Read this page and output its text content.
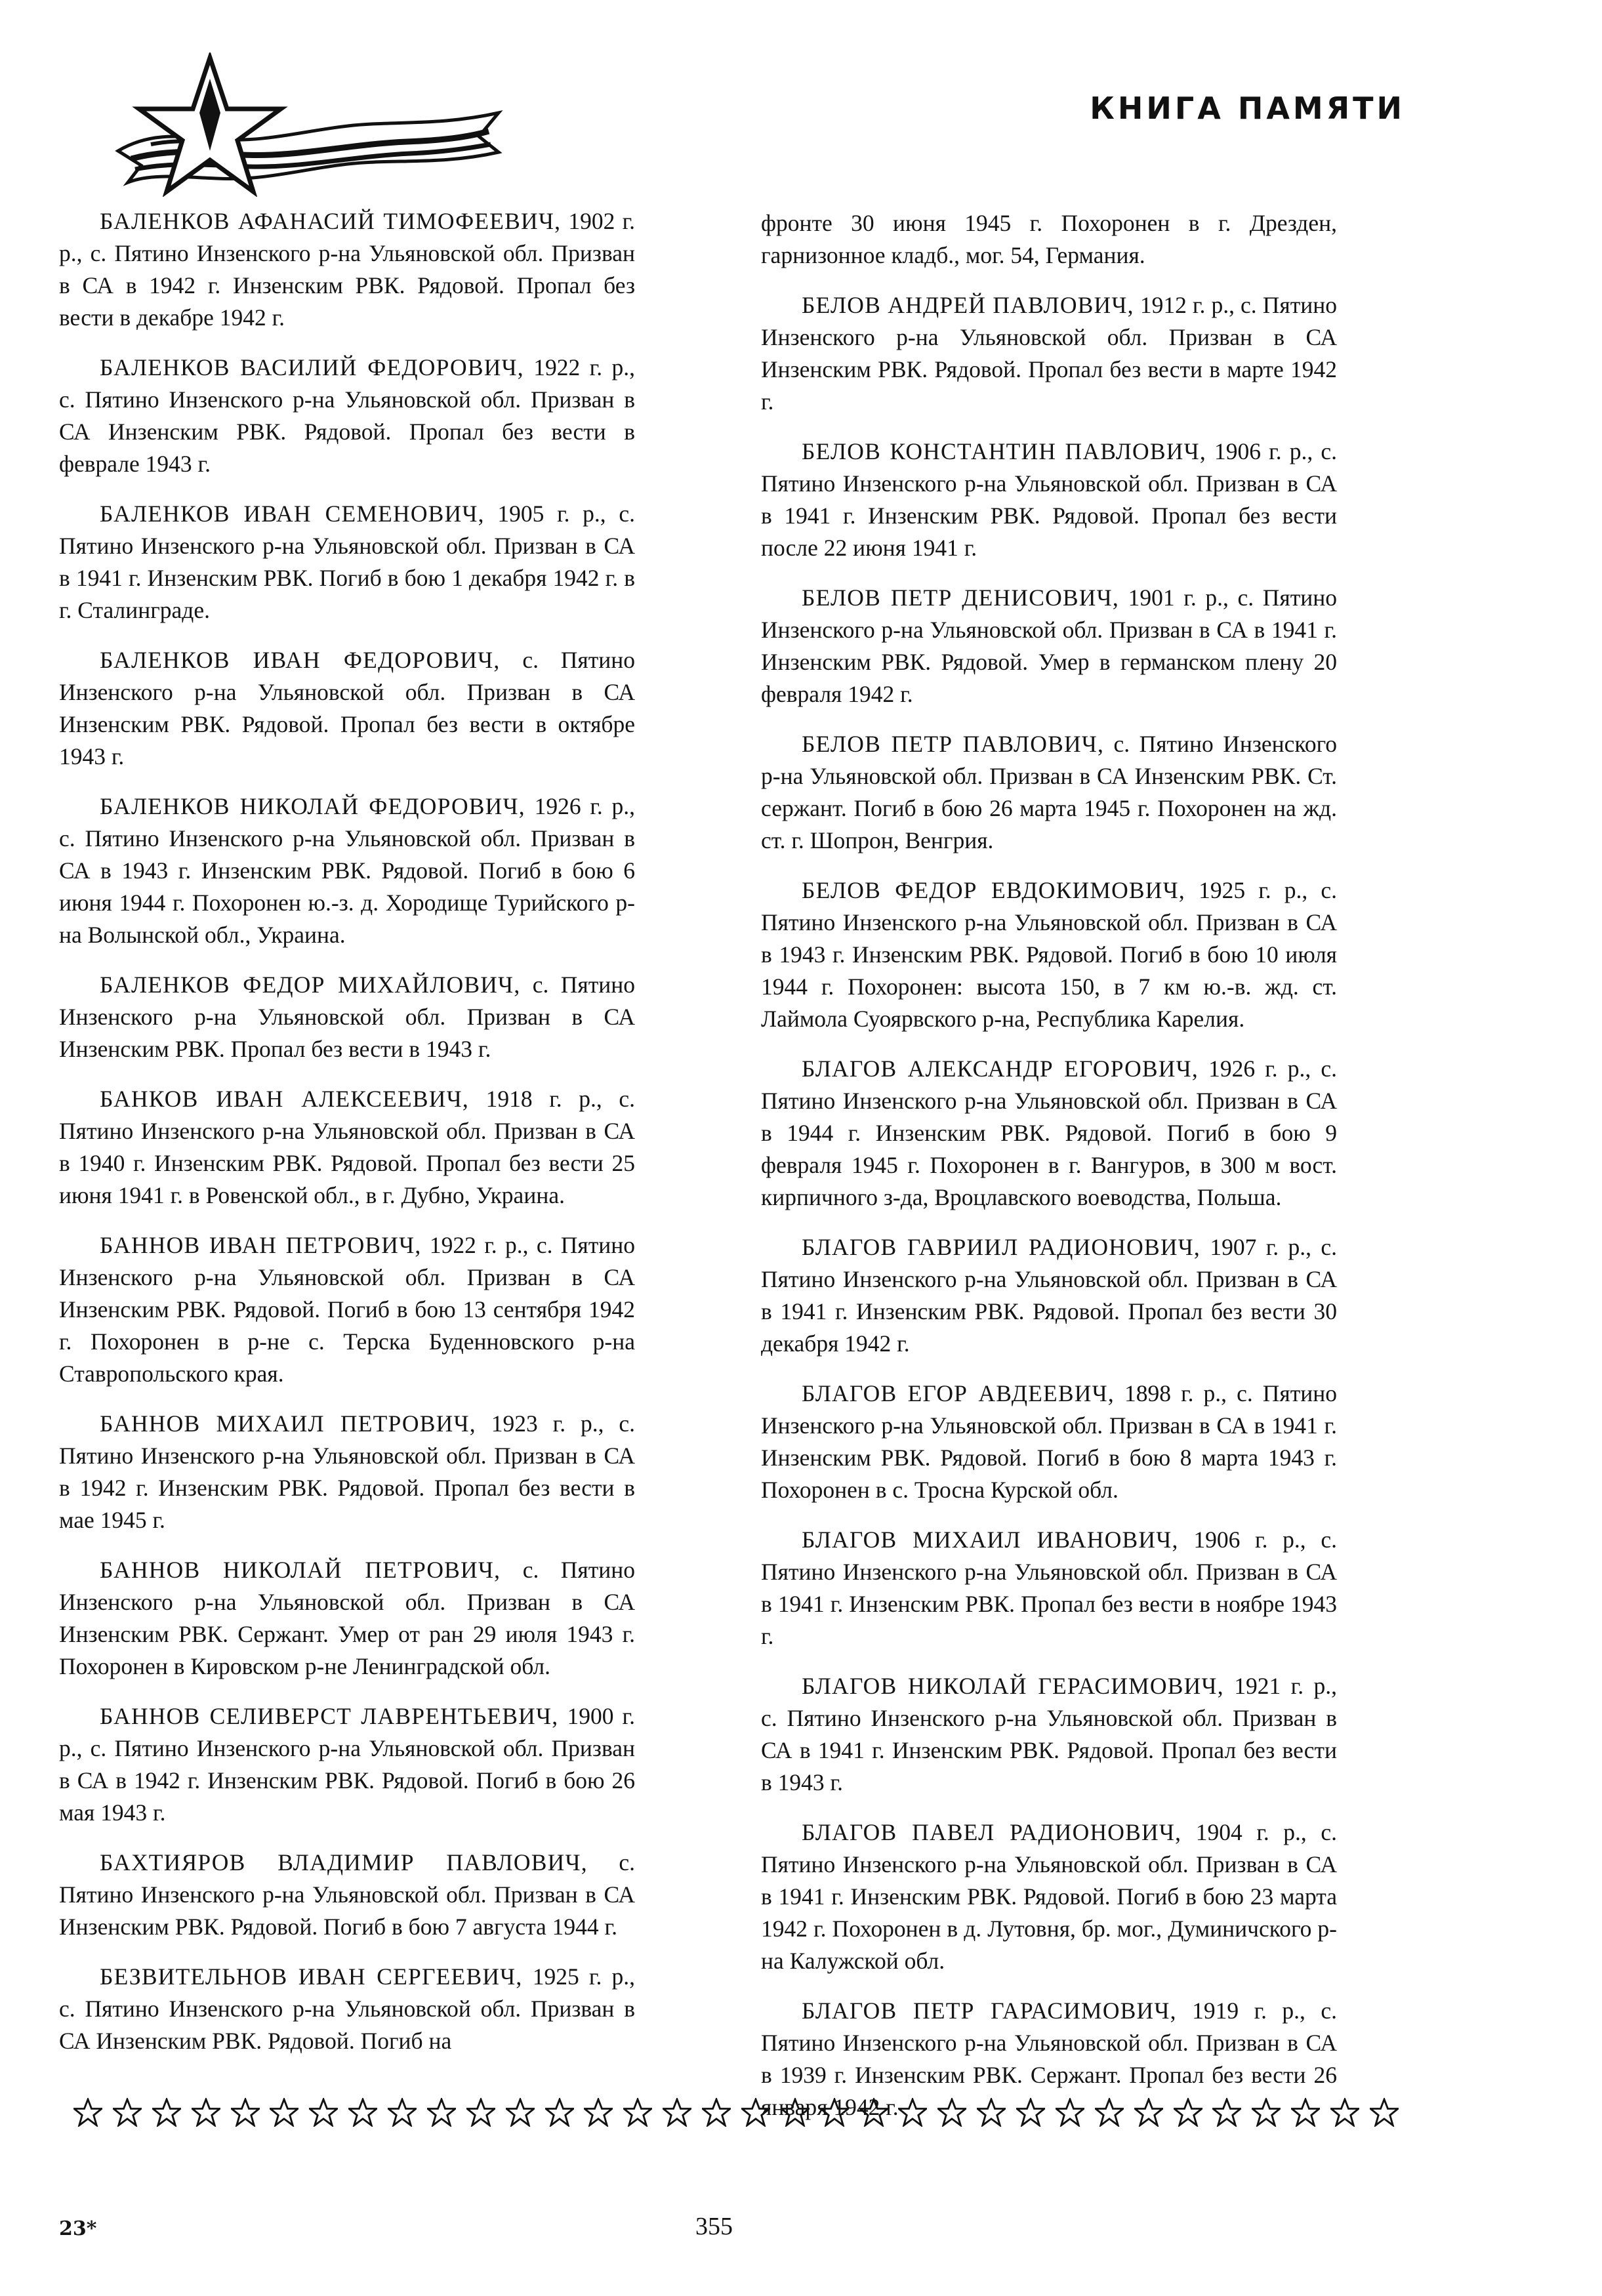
КНИГА ПАМЯТИ

БАЛЕНКОВ АФАНАСИЙ ТИМОФЕЕВИЧ, 1902 г. р., с. Пятино Инзенского р-на Ульяновской обл. Призван в СА в 1942 г. Инзенским РВК. Рядовой. Пропал без вести в декабре 1942 г.

БАЛЕНКОВ ВАСИЛИЙ ФЕДОРОВИЧ, 1922 г. р., с. Пятино Инзенского р-на Ульяновской обл. Призван в СА Инзенским РВК. Рядовой. Пропал без вести в феврале 1943 г.

БАЛЕНКОВ ИВАН СЕМЕНОВИЧ, 1905 г. р., с. Пятино Инзенского р-на Ульяновской обл. Призван в СА в 1941 г. Инзенским РВК. Погиб в бою 1 декабря 1942 г. в г. Сталинграде.

БАЛЕНКОВ ИВАН ФЕДОРОВИЧ, с. Пятино Инзенского р-на Ульяновской обл. Призван в СА Инзенским РВК. Рядовой. Пропал без вести в октябре 1943 г.

БАЛЕНКОВ НИКОЛАЙ ФЕДОРОВИЧ, 1926 г. р., с. Пятино Инзенского р-на Ульяновской обл. Призван в СА в 1943 г. Инзенским РВК. Рядовой. Погиб в бою 6 июня 1944 г. Похоронен ю.-з. д. Хородище Турийского р-на Волынской обл., Украина.

БАЛЕНКОВ ФЕДОР МИХАЙЛОВИЧ, с. Пятино Инзенского р-на Ульяновской обл. Призван в СА Инзенским РВК. Пропал без вести в 1943 г.

БАНКОВ ИВАН АЛЕКСЕЕВИЧ, 1918 г. р., с. Пятино Инзенского р-на Ульяновской обл. Призван в СА в 1940 г. Инзенским РВК. Рядовой. Пропал без вести 25 июня 1941 г. в Ровенской обл., в г. Дубно, Украина.

БАННОВ ИВАН ПЕТРОВИЧ, 1922 г. р., с. Пятино Инзенского р-на Ульяновской обл. Призван в СА Инзенским РВК. Рядовой. Погиб в бою 13 сентября 1942 г. Похоронен в р-не с. Терска Буденновского р-на Ставропольского края.

БАННОВ МИХАИЛ ПЕТРОВИЧ, 1923 г. р., с. Пятино Инзенского р-на Ульяновской обл. Призван в СА в 1942 г. Инзенским РВК. Рядовой. Пропал без вести в мае 1945 г.

БАННОВ НИКОЛАЙ ПЕТРОВИЧ, с. Пятино Инзенского р-на Ульяновской обл. Призван в СА Инзенским РВК. Сержант. Умер от ран 29 июля 1943 г. Похоронен в Кировском р-не Ленинградской обл.

БАННОВ СЕЛИВЕРСТ ЛАВРЕНТЬЕВИЧ, 1900 г. р., с. Пятино Инзенского р-на Ульяновской обл. Призван в СА в 1942 г. Инзенским РВК. Рядовой. Погиб в бою 26 мая 1943 г.

БАХТИЯРОВ ВЛАДИМИР ПАВЛОВИЧ, с. Пятино Инзенского р-на Ульяновской обл. Призван в СА Инзенским РВК. Рядовой. Погиб в бою 7 августа 1944 г.

БЕЗВИТЕЛЬНОВ ИВАН СЕРГЕЕВИЧ, 1925 г. р., с. Пятино Инзенского р-на Ульяновской обл. Призван в СА Инзенским РВК. Рядовой. Погиб на

фронте 30 июня 1945 г. Похоронен в г. Дрезден, гарнизонное кладб., мог. 54, Германия.

БЕЛОВ АНДРЕЙ ПАВЛОВИЧ, 1912 г. р., с. Пятино Инзенского р-на Ульяновской обл. Призван в СА Инзенским РВК. Рядовой. Пропал без вести в марте 1942 г.

БЕЛОВ КОНСТАНТИН ПАВЛОВИЧ, 1906 г. р., с. Пятино Инзенского р-на Ульяновской обл. Призван в СА в 1941 г. Инзенским РВК. Рядовой. Пропал без вести после 22 июня 1941 г.

БЕЛОВ ПЕТР ДЕНИСОВИЧ, 1901 г. р., с. Пятино Инзенского р-на Ульяновской обл. Призван в СА в 1941 г. Инзенским РВК. Рядовой. Умер в германском плену 20 февраля 1942 г.

БЕЛОВ ПЕТР ПАВЛОВИЧ, с. Пятино Инзенского р-на Ульяновской обл. Призван в СА Инзенским РВК. Ст. сержант. Погиб в бою 26 марта 1945 г. Похоронен на жд. ст. г. Шопрон, Венгрия.

БЕЛОВ ФЕДОР ЕВДОКИМОВИЧ, 1925 г. р., с. Пятино Инзенского р-на Ульяновской обл. Призван в СА в 1943 г. Инзенским РВК. Рядовой. Погиб в бою 10 июля 1944 г. Похоронен: высота 150, в 7 км ю.-в. жд. ст. Лаймола Суоярвского р-на, Республика Карелия.

БЛАГОВ АЛЕКСАНДР ЕГОРОВИЧ, 1926 г. р., с. Пятино Инзенского р-на Ульяновской обл. Призван в СА в 1944 г. Инзенским РВК. Рядовой. Погиб в бою 9 февраля 1945 г. Похоронен в г. Вангуров, в 300 м вост. кирпичного з-да, Вроцлавского воеводства, Польша.

БЛАГОВ ГАВРИИЛ РАДИОНОВИЧ, 1907 г. р., с. Пятино Инзенского р-на Ульяновской обл. Призван в СА в 1941 г. Инзенским РВК. Рядовой. Пропал без вести 30 декабря 1942 г.

БЛАГОВ ЕГОР АВДЕЕВИЧ, 1898 г. р., с. Пятино Инзенского р-на Ульяновской обл. Призван в СА в 1941 г. Инзенским РВК. Рядовой. Погиб в бою 8 марта 1943 г. Похоронен в с. Тросна Курской обл.

БЛАГОВ МИХАИЛ ИВАНОВИЧ, 1906 г. р., с. Пятино Инзенского р-на Ульяновской обл. Призван в СА в 1941 г. Инзенским РВК. Пропал без вести в ноябре 1943 г.

БЛАГОВ НИКОЛАЙ ГЕРАСИМОВИЧ, 1921 г. р., с. Пятино Инзенского р-на Ульяновской обл. Призван в СА в 1941 г. Инзенским РВК. Рядовой. Пропал без вести в 1943 г.

БЛАГОВ ПАВЕЛ РАДИОНОВИЧ, 1904 г. р., с. Пятино Инзенского р-на Ульяновской обл. Призван в СА в 1941 г. Инзенским РВК. Рядовой. Погиб в бою 23 марта 1942 г. Похоронен в д. Лутовня, бр. мог., Думиничского р-на Калужской обл.

БЛАГОВ ПЕТР ГАРАСИМОВИЧ, 1919 г. р., с. Пятино Инзенского р-на Ульяновской обл. Призван в СА в 1939 г. Инзенским РВК. Сержант. Пропал без вести 26 января 1942 г.

23*	355
